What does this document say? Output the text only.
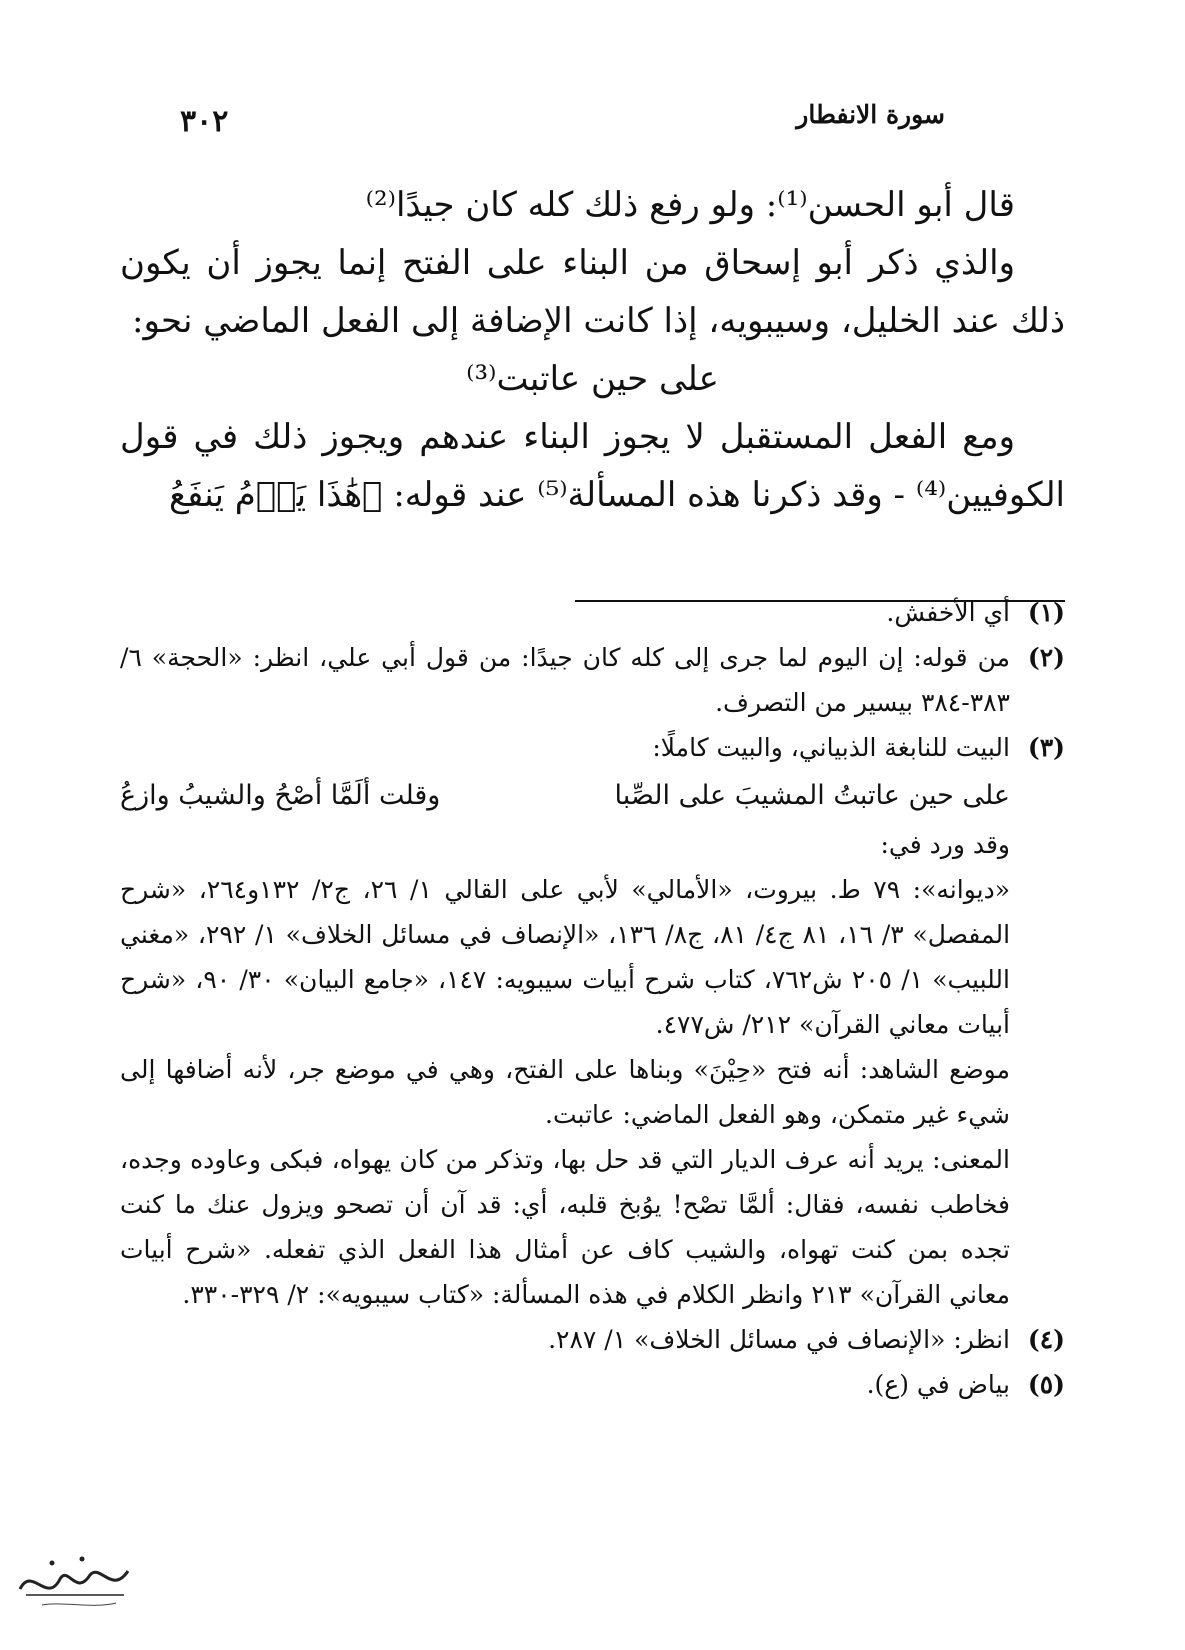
سورة الانفطار
٣٠٢

قال أبو الحسن⁽¹⁾: ولو رفع ذلك كله كان جيدًا⁽²⁾

والذي ذكر أبو إسحاق من البناء على الفتح إنما يجوز أن يكون ذلك عند الخليل، وسيبويه، إذا كانت الإضافة إلى الفعل الماضي نحو:

على حين عاتبت⁽³⁾

ومع الفعل المستقبل لا يجوز البناء عندهم ويجوز ذلك في قول الكوفيين⁽⁴⁾ - وقد ذكرنا هذه المسألة⁽⁵⁾ عند قوله: ﴿هَٰذَا يَوۡمُ يَنفَعُ

(١)
أي الأخفش.
(٢)
من قوله: إن اليوم لما جرى إلى كله كان جيدًا: من قول أبي علي، انظر: «الحجة» ٦/ ٣٨٣-٣٨٤ بيسير من التصرف.
(٣)
البيت للنابغة الذبياني، والبيت كاملًا:
على حين عاتبتُ المشيبَ على الصِّبا
وقلت ألَمَّا أصْحُ والشيبُ وازعُ
وقد ورد في:
«ديوانه»: ٧٩ ط. بيروت، «الأمالي» لأبي على القالي ١/ ٢٦، ج٢/ ١٣٢و٢٦٤، «شرح المفصل» ٣/ ١٦، ٨١ ج٤/ ٨١، ج٨/ ١٣٦، «الإنصاف في مسائل الخلاف» ١/ ٢٩٢، «مغني اللبيب» ١/ ٢٠٥ ش٧٦٢، كتاب شرح أبيات سيبويه: ١٤٧، «جامع البيان» ٣٠/ ٩٠، «شرح أبيات معاني القرآن» ٢١٢/ ش٤٧٧.
موضع الشاهد: أنه فتح «حِيْنَ» وبناها على الفتح، وهي في موضع جر، لأنه أضافها إلى شيء غير متمكن، وهو الفعل الماضي: عاتبت.
المعنى: يريد أنه عرف الديار التي قد حل بها، وتذكر من كان يهواه، فبكى وعاوده وجده، فخاطب نفسه، فقال: ألمَّا تصْح! يوُبخ قلبه، أي: قد آن أن تصحو ويزول عنك ما كنت تجده بمن كنت تهواه، والشيب كاف عن أمثال هذا الفعل الذي تفعله. «شرح أبيات معاني القرآن» ٢١٣ وانظر الكلام في هذه المسألة: «كتاب سيبويه»: ٢/ ٣٢٩-٣٣٠.
(٤)
انظر: «الإنصاف في مسائل الخلاف» ١/ ٢٨٧.
(٥)
بياض في (ع).
